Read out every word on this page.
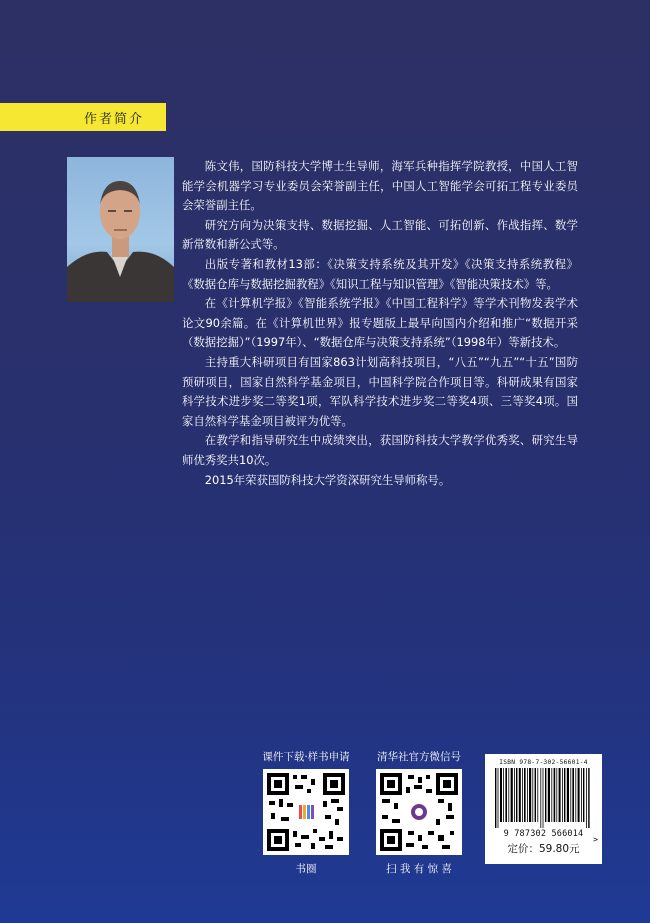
作者简介

陈文伟，国防科技大学博士生导师，海军兵种指挥学院教授，中国人工智能学会机器学习专业委员会荣誉副主任，中国人工智能学会可拓工程专业委员会荣誉副主任。

研究方向为决策支持、数据挖掘、人工智能、可拓创新、作战指挥、数学新常数和新公式等。

出版专著和教材13部：《决策支持系统及其开发》《决策支持系统教程》《数据仓库与数据挖掘教程》《知识工程与知识管理》《智能决策技术》等。

在《计算机学报》《智能系统学报》《中国工程科学》等学术刊物发表学术论文90余篇。在《计算机世界》报专题版上最早向国内介绍和推广“数据开采（数据挖掘）”（1997年）、“数据仓库与决策支持系统”（1998年）等新技术。

主持重大科研项目有国家863计划高科技项目，“八五”“九五”“十五”国防预研项目，国家自然科学基金项目，中国科学院合作项目等。科研成果有国家科学技术进步奖二等奖1项，军队科学技术进步奖二等奖4项、三等奖4项。国家自然科学基金项目被评为优等。

在教学和指导研究生中成绩突出，获国防科技大学教学优秀奖、研究生导师优秀奖共10次。

2015年荣获国防科技大学资深研究生导师称号。

课件下载·样书申请
书圈
清华社官方微信号
扫 我 有 惊 喜
ISBN 978-7-302-56601-4
9 787302 566014
>
定价：59.80元
